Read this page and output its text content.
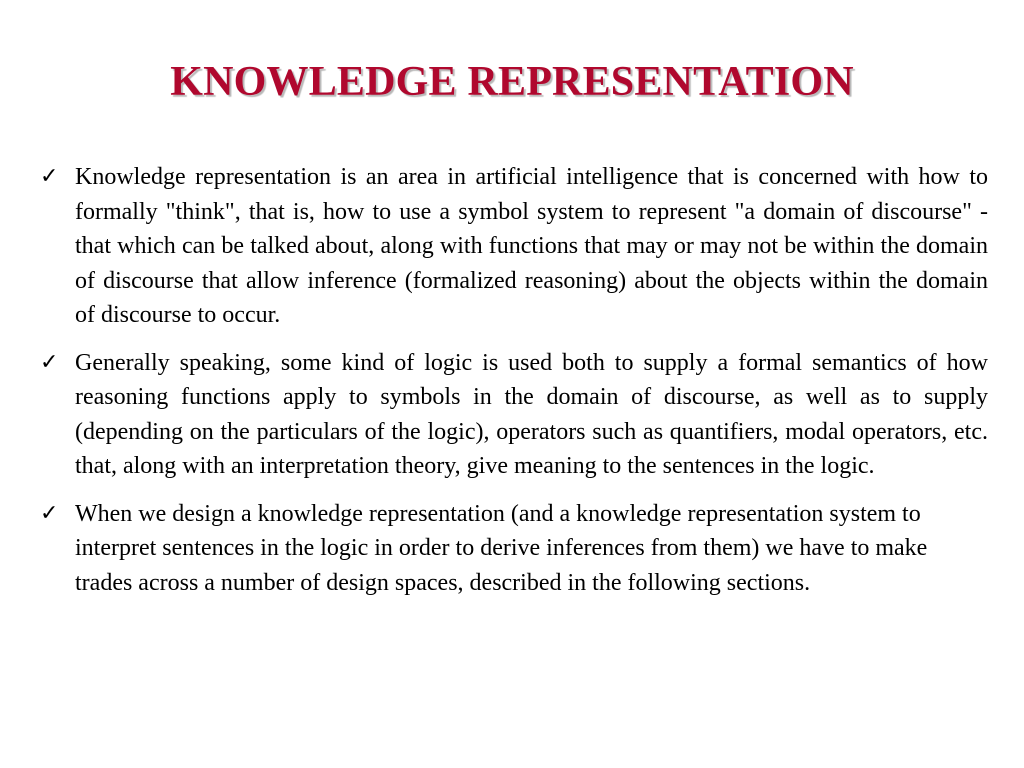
KNOWLEDGE REPRESENTATION
✓ Knowledge representation is an area in artificial intelligence that is concerned with how to formally "think", that is, how to use a symbol system to represent "a domain of discourse" - that which can be talked about, along with functions that may or may not be within the domain of discourse that allow inference (formalized reasoning) about the objects within the domain of discourse to occur.
✓ Generally speaking, some kind of logic is used both to supply a formal semantics of how reasoning functions apply to symbols in the domain of discourse, as well as to supply (depending on the particulars of the logic), operators such as quantifiers, modal operators, etc. that, along with an interpretation theory, give meaning to the sentences in the logic.
✓ When we design a knowledge representation (and a knowledge representation system to interpret sentences in the logic in order to derive inferences from them) we have to make trades across a number of design spaces, described in the following sections.
